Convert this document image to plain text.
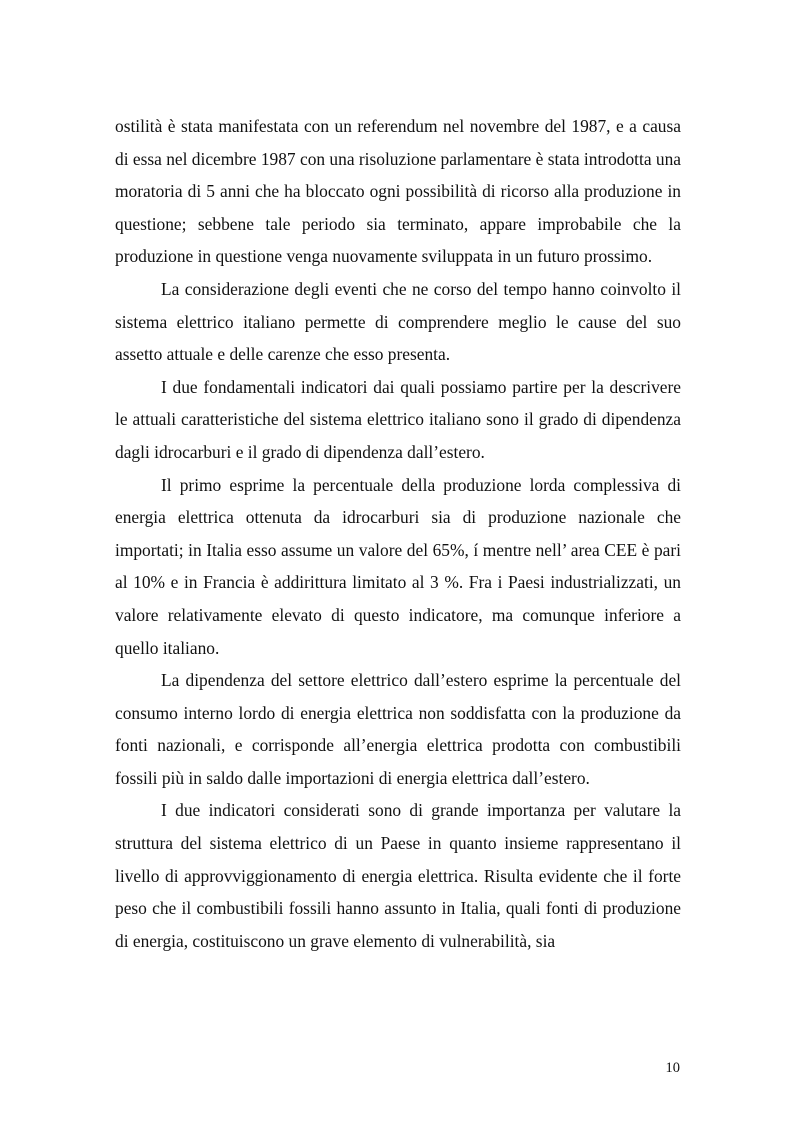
ostilità è stata manifestata con un referendum nel novembre del 1987, e a causa di essa nel dicembre 1987 con una risoluzione parlamentare è stata introdotta una moratoria di 5 anni che ha bloccato ogni possibilità di ricorso alla produzione in questione; sebbene tale periodo sia terminato, appare improbabile che la produzione in questione venga nuovamente sviluppata in un futuro prossimo.

La considerazione degli eventi che ne corso del tempo hanno coinvolto il sistema elettrico italiano permette di comprendere meglio le cause del suo assetto attuale e delle carenze che esso presenta.

I due fondamentali indicatori dai quali possiamo partire per la descrivere le attuali caratteristiche del sistema elettrico italiano sono il grado di dipendenza dagli idrocarburi e il grado di dipendenza dall’estero.

Il primo esprime la percentuale della produzione lorda complessiva di energia elettrica ottenuta da idrocarburi sia di produzione nazionale che importati; in Italia esso assume un valore del 65%, í mentre nell’ area CEE è pari al 10% e in Francia è addirittura limitato al 3 %. Fra i Paesi industrializzati, un valore relativamente elevato di questo indicatore, ma comunque inferiore a quello italiano.

La dipendenza del settore elettrico dall’estero esprime la percentuale del consumo interno lordo di energia elettrica non soddisfatta con la produzione da fonti nazionali, e corrisponde all’energia elettrica prodotta con combustibili fossili più in saldo dalle importazioni di energia elettrica dall’estero.

I due indicatori considerati sono di grande importanza per valutare la struttura del sistema elettrico di un Paese in quanto insieme rappresentano il livello di approvviggionamento di energia elettrica. Risulta evidente che il forte peso che il combustibili fossili hanno assunto in Italia, quali fonti di produzione di energia, costituiscono un grave elemento di vulnerabilità, sia

10
